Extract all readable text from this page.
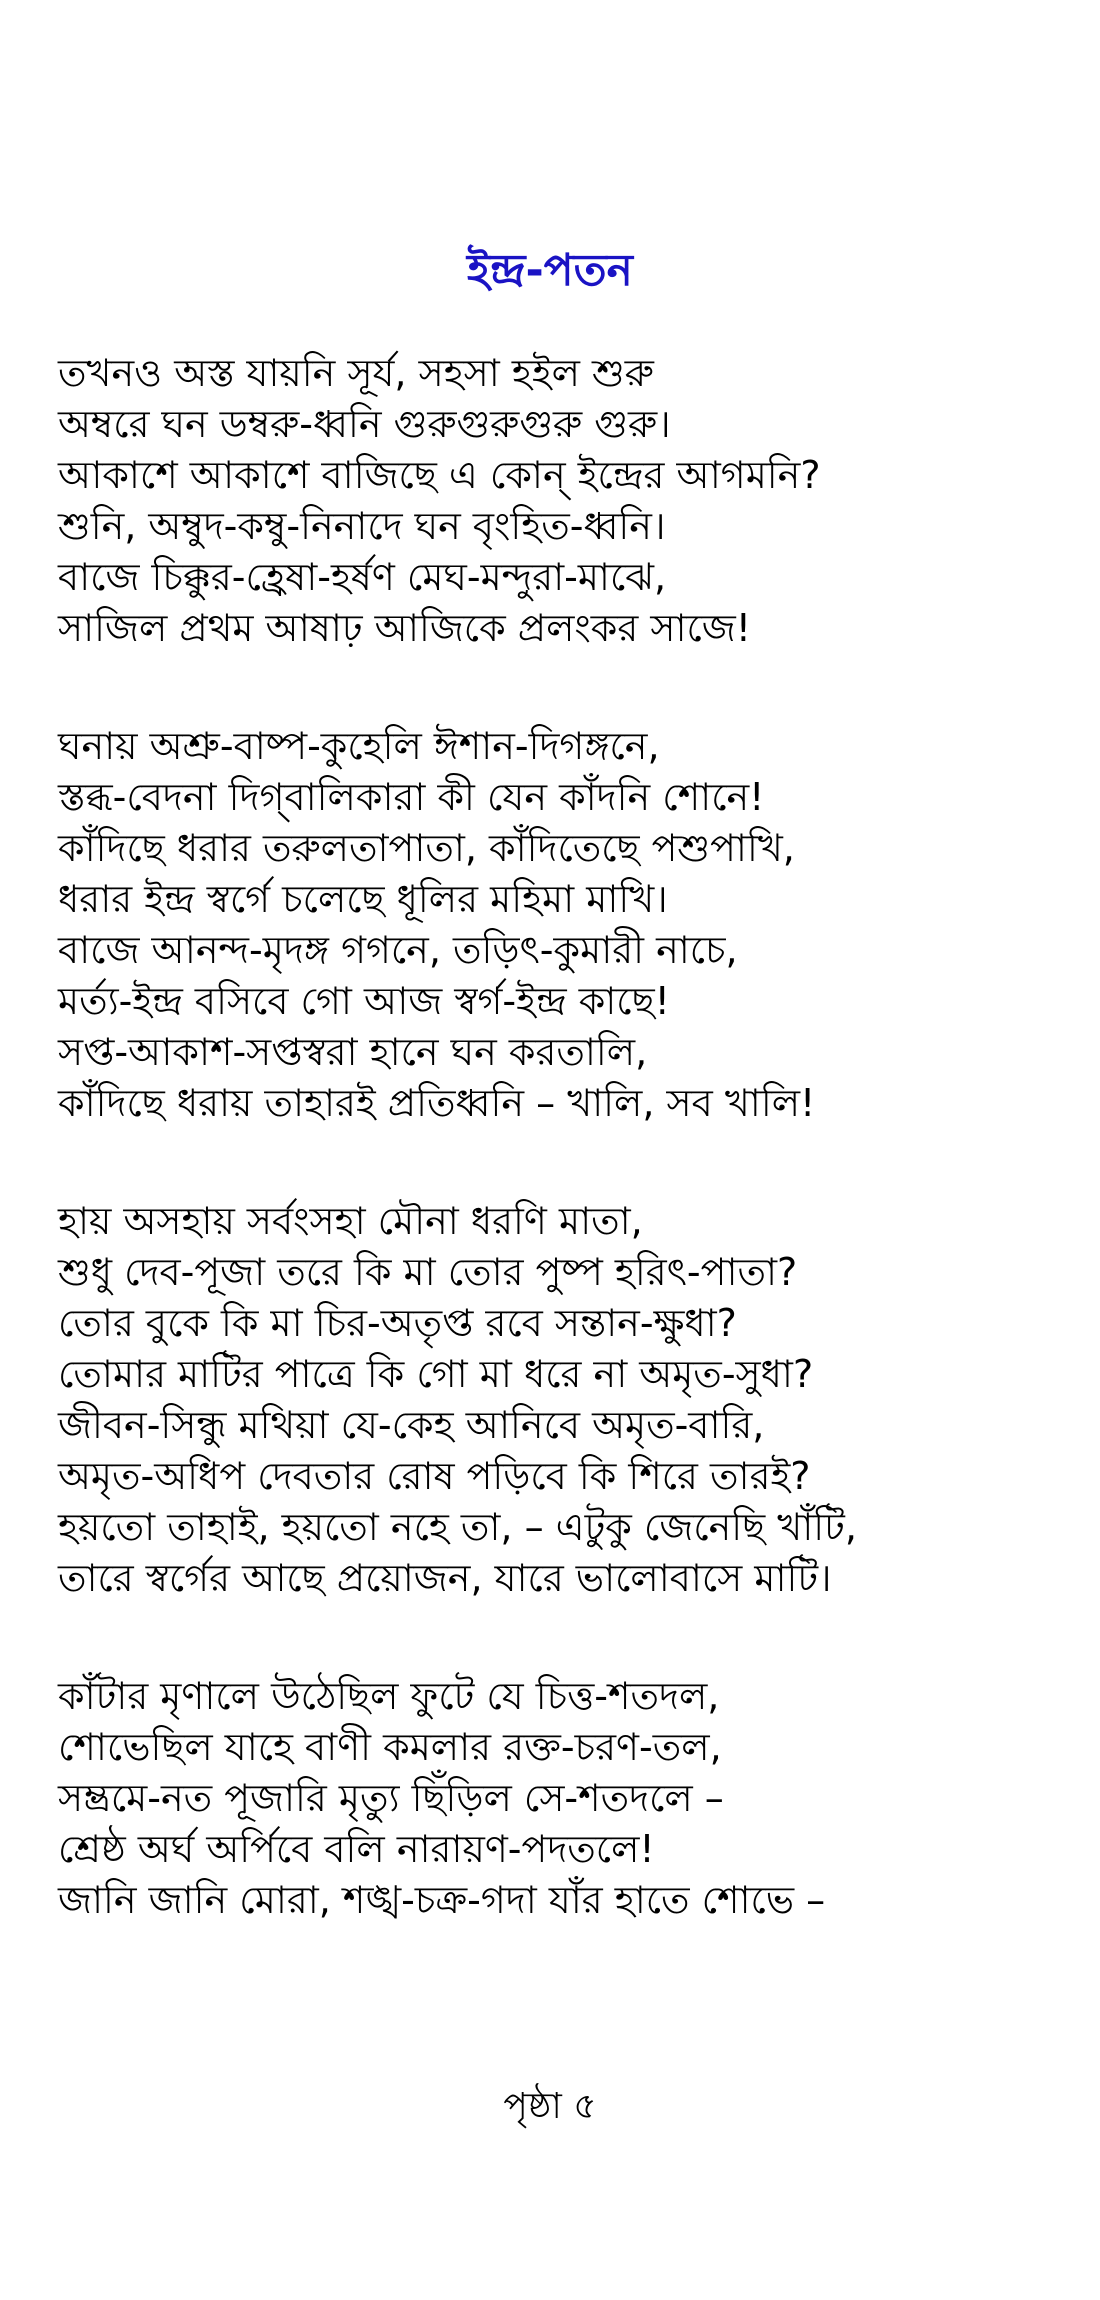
ইন্দ্র-পতন
তখনও অস্ত যায়নি সূর্য, সহসা হইল শুরু
অম্বরে ঘন ডম্বরু-ধ্বনি গুরুগুরুগুরু গুরু।
আকাশে আকাশে বাজিছে এ কোন্ ইন্দ্রের আগমনি?
শুনি, অম্বুদ-কম্বু-নিনাদে ঘন বৃংহিত-ধ্বনি।
বাজে চিক্কুর-হ্রেষা-হর্ষণ মেঘ-মন্দুরা-মাঝে,
সাজিল প্রথম আষাঢ় আজিকে প্রলংকর সাজে!
ঘনায় অশ্রু-বাষ্প-কুহেলি ঈশান-দিগঙ্গনে,
স্তব্ধ-বেদনা দিগ্‌বালিকারা কী যেন কাঁদনি শোনে!
কাঁদিছে ধরার তরুলতাপাতা, কাঁদিতেছে পশুপাখি,
ধরার ইন্দ্র স্বর্গে চলেছে ধূলির মহিমা মাখি।
বাজে আনন্দ-মৃদঙ্গ গগনে, তড়িৎ-কুমারী নাচে,
মর্ত্য-ইন্দ্র বসিবে গো আজ স্বর্গ-ইন্দ্র কাছে!
সপ্ত-আকাশ-সপ্তস্বরা হানে ঘন করতালি,
কাঁদিছে ধরায় তাহারই প্রতিধ্বনি – খালি, সব খালি!
হায় অসহায় সর্বংসহা মৌনা ধরণি মাতা,
শুধু দেব-পূজা তরে কি মা তোর পুষ্প হরিৎ-পাতা?
তোর বুকে কি মা চির-অতৃপ্ত রবে সন্তান-ক্ষুধা?
তোমার মাটির পাত্রে কি গো মা ধরে না অমৃত-সুধা?
জীবন-সিন্ধু মথিয়া যে-কেহ আনিবে অমৃত-বারি,
অমৃত-অধিপ দেবতার রোষ পড়িবে কি শিরে তারই?
হয়তো তাহাই, হয়তো নহে তা, – এটুকু জেনেছি খাঁটি,
তারে স্বর্গের আছে প্রয়োজন, যারে ভালোবাসে মাটি।
কাঁটার মৃণালে উঠেছিল ফুটে যে চিত্ত-শতদল,
শোভেছিল যাহে বাণী কমলার রক্ত-চরণ-তল,
সম্ভ্রমে-নত পূজারি মৃত্যু ছিঁড়িল সে-শতদলে –
শ্রেষ্ঠ অর্ঘ অর্পিবে বলি নারায়ণ-পদতলে!
জানি জানি মোরা, শঙ্খ-চক্র-গদা যাঁর হাতে শোভে –
পৃষ্ঠা ৫
